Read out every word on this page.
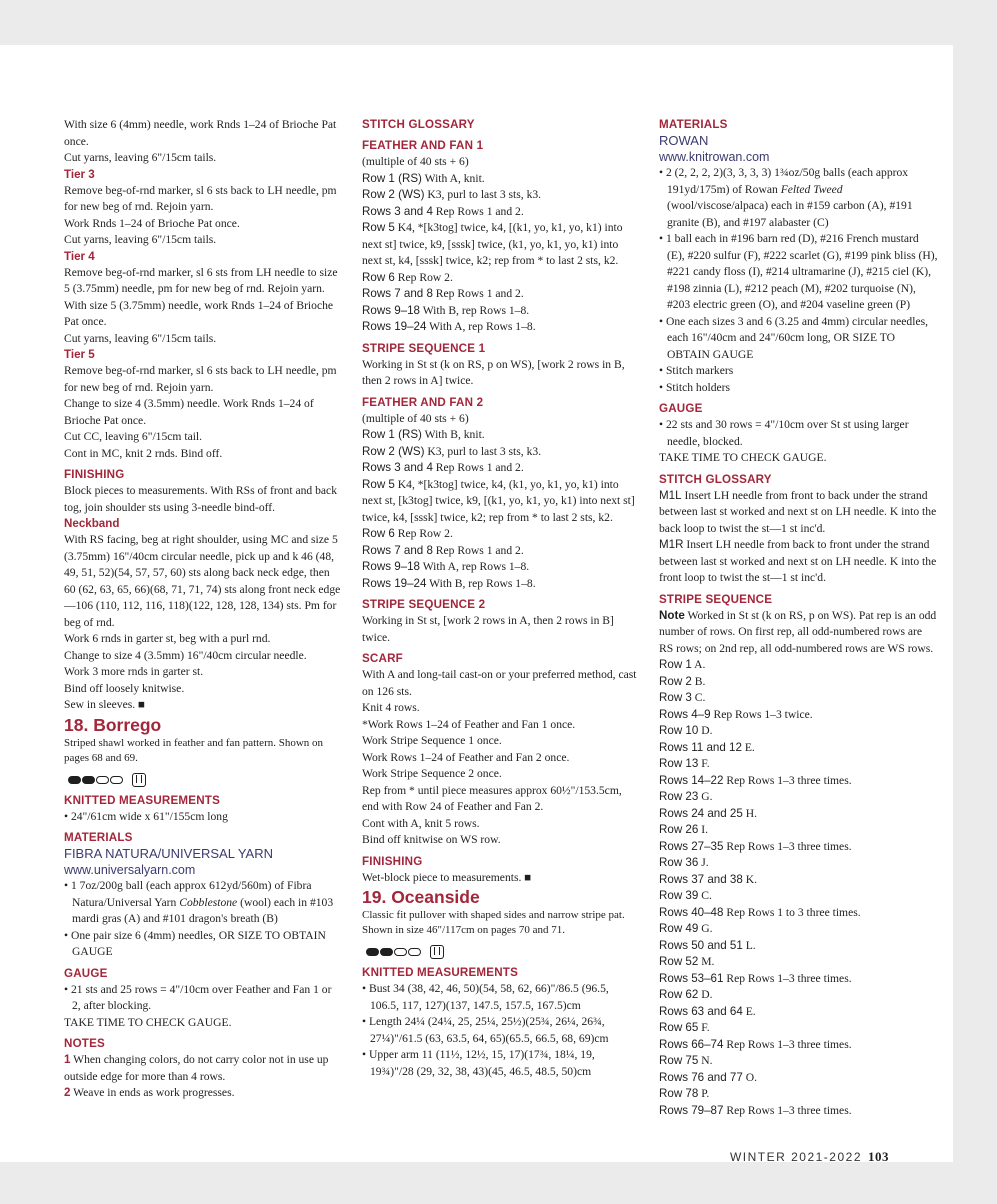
With size 6 (4mm) needle, work Rnds 1–24 of Brioche Pat once.

Cut yarns, leaving 6"/15cm tails.

Tier 3

Remove beg-of-rnd marker, sl 6 sts back to LH needle, pm for new beg of rnd. Rejoin yarn.

Work Rnds 1–24 of Brioche Pat once.

Cut yarns, leaving 6"/15cm tails.

Tier 4

Remove beg-of-rnd marker, sl 6 sts from LH needle to size 5 (3.75mm) needle, pm for new beg of rnd. Rejoin yarn.

With size 5 (3.75mm) needle, work Rnds 1–24 of Brioche Pat once.

Cut yarns, leaving 6"/15cm tails.

Tier 5

Remove beg-of-rnd marker, sl 6 sts back to LH needle, pm for new beg of rnd. Rejoin yarn.

Change to size 4 (3.5mm) needle. Work Rnds 1–24 of Brioche Pat once.

Cut CC, leaving 6"/15cm tail.

Cont in MC, knit 2 rnds. Bind off.

FINISHING

Block pieces to measurements. With RSs of front and back tog, join shoulder sts using 3-needle bind-off.

Neckband

With RS facing, beg at right shoulder, using MC and size 5 (3.75mm) 16"/40cm circular needle, pick up and k 46 (48, 49, 51, 52)(54, 57, 57, 60) sts along back neck edge, then 60 (62, 63, 65, 66)(68, 71, 71, 74) sts along front neck edge—106 (110, 112, 116, 118)(122, 128, 128, 134) sts. Pm for beg of rnd.

Work 6 rnds in garter st, beg with a purl rnd.

Change to size 4 (3.5mm) 16"/40cm circular needle.

Work 3 more rnds in garter st.

Bind off loosely knitwise.

Sew in sleeves. ■

18. Borrego

Striped shawl worked in feather and fan pattern. Shown on pages 68 and 69.

KNITTED MEASUREMENTS

• 24"/61cm wide x 61"/155cm long

MATERIALS

FIBRA NATURA/UNIVERSAL YARN

www.universalyarn.com

• 1 7oz/200g ball (each approx 612yd/560m) of Fibra Natura/Universal Yarn Cobblestone (wool) each in #103 mardi gras (A) and #101 dragon's breath (B)
• One pair size 6 (4mm) needles, OR SIZE TO OBTAIN GAUGE

GAUGE

• 21 sts and 25 rows = 4"/10cm over Feather and Fan 1 or 2, after blocking.

TAKE TIME TO CHECK GAUGE.

NOTES

1 When changing colors, do not carry color not in use up outside edge for more than 4 rows.

2 Weave in ends as work progresses.

STITCH GLOSSARY

FEATHER AND FAN 1

(multiple of 40 sts + 6)

Row 1 (RS) With A, knit.

Row 2 (WS) K3, purl to last 3 sts, k3.

Rows 3 and 4 Rep Rows 1 and 2.

Row 5 K4, *[k3tog] twice, k4, [(k1, yo, k1, yo, k1) into next st] twice, k9, [sssk] twice, (k1, yo, k1, yo, k1) into next st, k4, [sssk] twice, k2; rep from * to last 2 sts, k2.

Row 6 Rep Row 2.

Rows 7 and 8 Rep Rows 1 and 2.

Rows 9–18 With B, rep Rows 1–8.

Rows 19–24 With A, rep Rows 1–8.

STRIPE SEQUENCE 1

Working in St st (k on RS, p on WS), [work 2 rows in B, then 2 rows in A] twice.

FEATHER AND FAN 2

(multiple of 40 sts + 6)

Row 1 (RS) With B, knit.

Row 2 (WS) K3, purl to last 3 sts, k3.

Rows 3 and 4 Rep Rows 1 and 2.

Row 5 K4, *[k3tog] twice, k4, (k1, yo, k1, yo, k1) into next st, [k3tog] twice, k9, [(k1, yo, k1, yo, k1) into next st] twice, k4, [sssk] twice, k2; rep from * to last 2 sts, k2.

Row 6 Rep Row 2.

Rows 7 and 8 Rep Rows 1 and 2.

Rows 9–18 With A, rep Rows 1–8.

Rows 19–24 With B, rep Rows 1–8.

STRIPE SEQUENCE 2

Working in St st, [work 2 rows in A, then 2 rows in B] twice.

SCARF

With A and long-tail cast-on or your preferred method, cast on 126 sts.

Knit 4 rows.

*Work Rows 1–24 of Feather and Fan 1 once.

Work Stripe Sequence 1 once.

Work Rows 1–24 of Feather and Fan 2 once.

Work Stripe Sequence 2 once.

Rep from * until piece measures approx 60½"/153.5cm, end with Row 24 of Feather and Fan 2.

Cont with A, knit 5 rows.

Bind off knitwise on WS row.

FINISHING

Wet-block piece to measurements. ■

19. Oceanside

Classic fit pullover with shaped sides and narrow stripe pat. Shown in size 46"/117cm on pages 70 and 71.

KNITTED MEASUREMENTS

• Bust 34 (38, 42, 46, 50)(54, 58, 62, 66)"/86.5 (96.5, 106.5, 117, 127)(137, 147.5, 157.5, 167.5)cm
• Length 24¼ (24¼, 25, 25¼, 25½)(25¾, 26¼, 26¾, 27¼)"/61.5 (63, 63.5, 64, 65)(65.5, 66.5, 68, 69)cm
• Upper arm 11 (11½, 12½, 15, 17)(17¾, 18¼, 19, 19¾)"/28 (29, 32, 38, 43)(45, 46.5, 48.5, 50)cm

MATERIALS

ROWAN

www.knitrowan.com

• 2 (2, 2, 2, 2)(3, 3, 3, 3) 1¾oz/50g balls (each approx 191yd/175m) of Rowan Felted Tweed (wool/viscose/alpaca) each in #159 carbon (A), #191 granite (B), and #197 alabaster (C)
• 1 ball each in #196 barn red (D), #216 French mustard (E), #220 sulfur (F), #222 scarlet (G), #199 pink bliss (H), #221 candy floss (I), #214 ultramarine (J), #215 ciel (K), #198 zinnia (L), #212 peach (M), #202 turquoise (N), #203 electric green (O), and #204 vaseline green (P)
• One each sizes 3 and 6 (3.25 and 4mm) circular needles, each 16"/40cm and 24"/60cm long, OR SIZE TO OBTAIN GAUGE
• Stitch markers
• Stitch holders

GAUGE

• 22 sts and 30 rows = 4"/10cm over St st using larger needle, blocked.

TAKE TIME TO CHECK GAUGE.

STITCH GLOSSARY

M1L Insert LH needle from front to back under the strand between last st worked and next st on LH needle. K into the back loop to twist the st—1 st inc'd.

M1R Insert LH needle from back to front under the strand between last st worked and next st on LH needle. K into the front loop to twist the st—1 st inc'd.

STRIPE SEQUENCE

Note Worked in St st (k on RS, p on WS). Pat rep is an odd number of rows. On first rep, all odd-numbered rows are RS rows; on 2nd rep, all odd-numbered rows are WS rows.

Row 1 A.

Row 2 B.

Row 3 C.

Rows 4–9 Rep Rows 1–3 twice.

Row 10 D.

Rows 11 and 12 E.

Row 13 F.

Rows 14–22 Rep Rows 1–3 three times.

Row 23 G.

Rows 24 and 25 H.

Row 26 I.

Rows 27–35 Rep Rows 1–3 three times.

Row 36 J.

Rows 37 and 38 K.

Row 39 C.

Rows 40–48 Rep Rows 1 to 3 three times.

Row 49 G.

Rows 50 and 51 L.

Row 52 M.

Rows 53–61 Rep Rows 1–3 three times.

Row 62 D.

Rows 63 and 64 E.

Row 65 F.

Rows 66–74 Rep Rows 1–3 three times.

Row 75 N.

Rows 76 and 77 O.

Row 78 P.

Rows 79–87 Rep Rows 1–3 three times.

WINTER 2021-2022 103
